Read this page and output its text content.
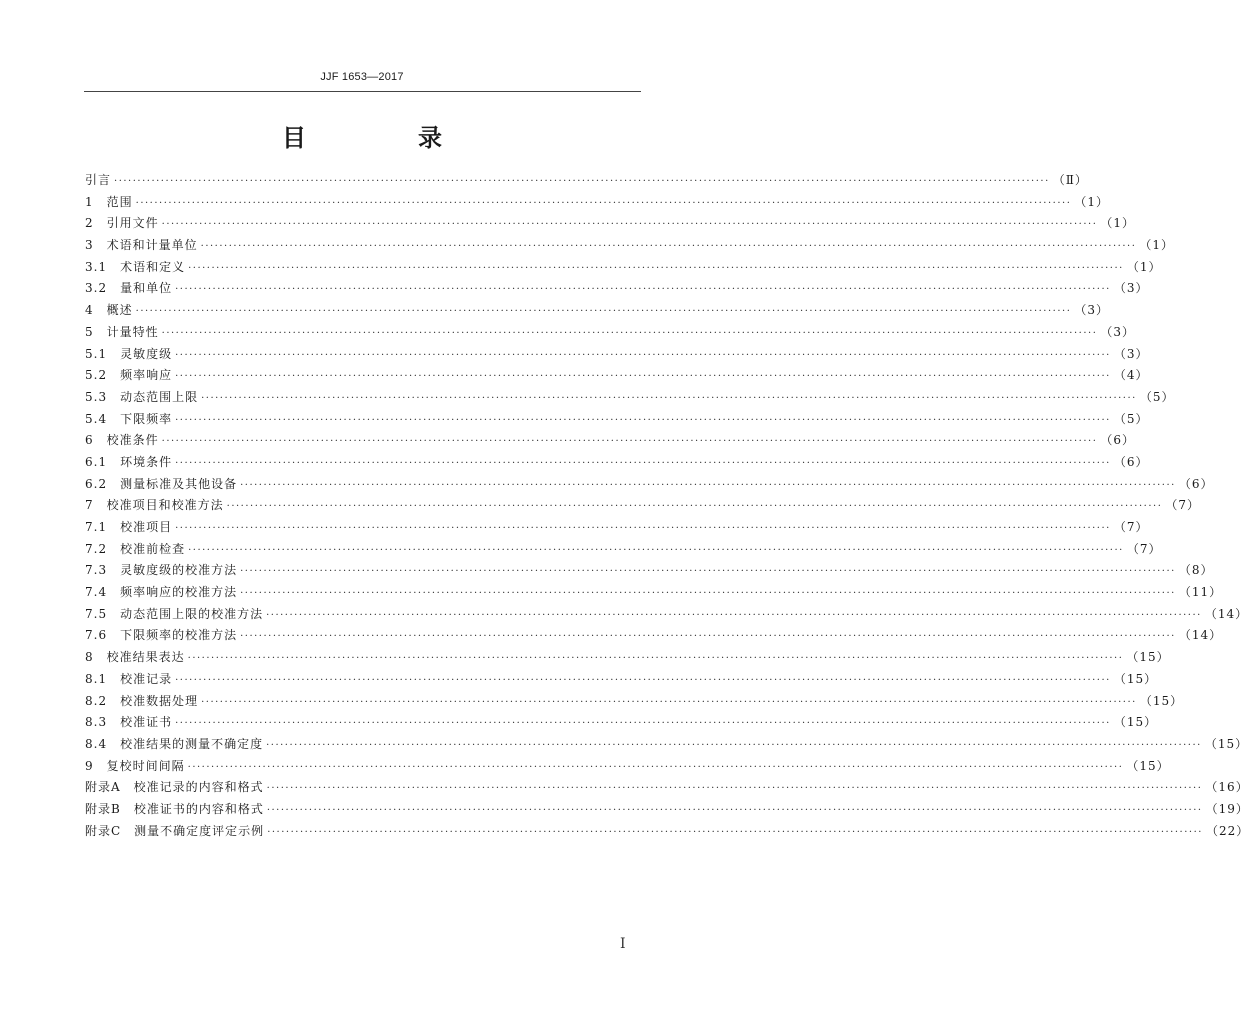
JJF 1653—2017
目　录
引言 ········································································································································································································ （Ⅱ）
1　范围 ········································································································································································································ （1）
2　引用文件 ········································································································································································································ （1）
3　术语和计量单位 ········································································································································································································ （1）
3.1　术语和定义 ········································································································································································································ （1）
3.2　量和单位 ········································································································································································································ （3）
4　概述 ········································································································································································································ （3）
5　计量特性 ········································································································································································································ （3）
5.1　灵敏度级 ········································································································································································································ （3）
5.2　频率响应 ········································································································································································································ （4）
5.3　动态范围上限 ········································································································································································································ （5）
5.4　下限频率 ········································································································································································································ （5）
6　校准条件 ········································································································································································································ （6）
6.1　环境条件 ········································································································································································································ （6）
6.2　测量标准及其他设备 ········································································································································································································ （6）
7　校准项目和校准方法 ········································································································································································································ （7）
7.1　校准项目 ········································································································································································································ （7）
7.2　校准前检查 ········································································································································································································ （7）
7.3　灵敏度级的校准方法 ········································································································································································································ （8）
7.4　频率响应的校准方法 ········································································································································································································ （11）
7.5　动态范围上限的校准方法 ········································································································································································································ （14）
7.6　下限频率的校准方法 ········································································································································································································ （14）
8　校准结果表达 ········································································································································································································ （15）
8.1　校准记录 ········································································································································································································ （15）
8.2　校准数据处理 ········································································································································································································ （15）
8.3　校准证书 ········································································································································································································ （15）
8.4　校准结果的测量不确定度 ········································································································································································································ （15）
9　复校时间间隔 ········································································································································································································ （15）
附录A　校准记录的内容和格式 ········································································································································································································ （16）
附录B　校准证书的内容和格式 ········································································································································································································ （19）
附录C　测量不确定度评定示例 ········································································································································································································ （22）
Ⅰ
